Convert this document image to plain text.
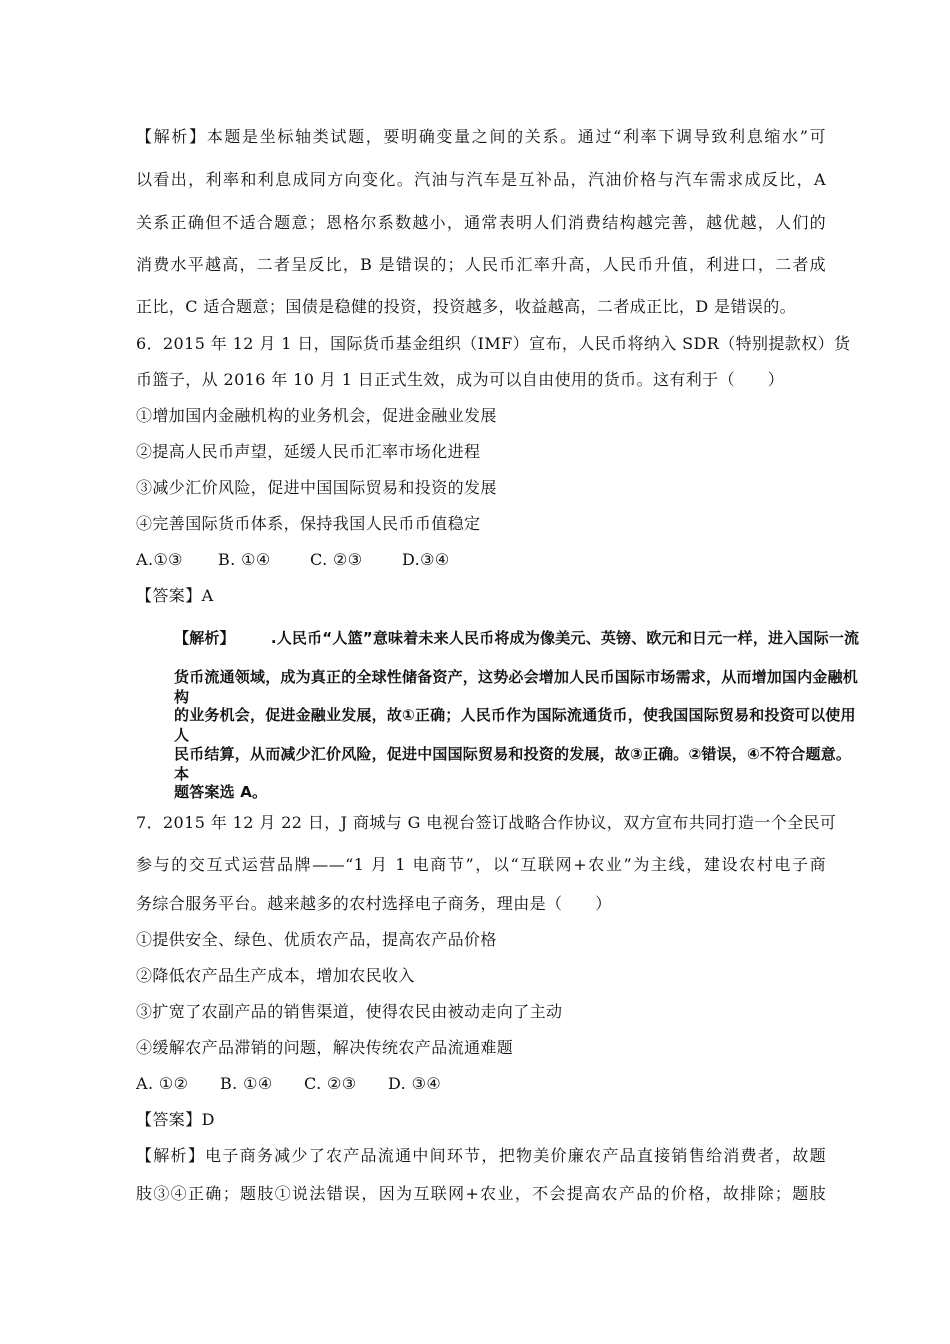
【解析】本题是坐标轴类试题，要明确变量之间的关系。通过“利率下调导致利息缩水”可
以看出，利率和利息成同方向变化。汽油与汽车是互补品，汽油价格与汽车需求成反比，A
关系正确但不适合题意；恩格尔系数越小，通常表明人们消费结构越完善，越优越，人们的
消费水平越高，二者呈反比，B 是错误的；人民币汇率升高，人民币升值，利进口，二者成
正比，C 适合题意；国债是稳健的投资，投资越多，收益越高，二者成正比，D 是错误的。
6．2015 年 12 月 1 日，国际货币基金组织（IMF）宣布，人民币将纳入 SDR（特别提款权）货
币篮子，从 2016 年 10 月 1 日正式生效，成为可以自由使用的货币。这有利于（　　）
①增加国内金融机构的业务机会，促进金融业发展
②提高人民币声望，延缓人民币汇率市场化进程
③减少汇价风险，促进中国国际贸易和投资的发展
④完善国际货币体系，保持我国人民币币值稳定
A.①③ B. ①④ C. ②③ D.③④
【答案】A
【解析】 .人民币“人篮”意味着未来人民币将成为像美元、英镑、欧元和日元一样，进入国际一流
货币流通领域，成为真正的全球性储备资产，这势必会增加人民币国际市场需求，从而增加国内金融机构
的业务机会，促进金融业发展，故①正确；人民币作为国际流通货币，使我国国际贸易和投资可以使用人
民币结算，从而减少汇价风险，促进中国国际贸易和投资的发展，故③正确。②错误，④不符合题意。本
题答案选 A。
7．2015 年 12 月 22 日，J 商城与 G 电视台签订战略合作协议，双方宣布共同打造一个全民可
参与的交互式运营品牌——“1 月 1 电商节”，以“互联网+农业”为主线，建设农村电子商
务综合服务平台。越来越多的农村选择电子商务，理由是（　　）
①提供安全、绿色、优质农产品，提高农产品价格
②降低农产品生产成本，增加农民收入
③扩宽了农副产品的销售渠道，使得农民由被动走向了主动
④缓解农产品滞销的问题，解决传统农产品流通难题
A. ①② B. ①④ C. ②③ D. ③④
【答案】D
【解析】电子商务减少了农产品流通中间环节，把物美价廉农产品直接销售给消费者，故题
肢③④正确；题肢①说法错误，因为互联网+农业，不会提高农产品的价格，故排除；题肢
